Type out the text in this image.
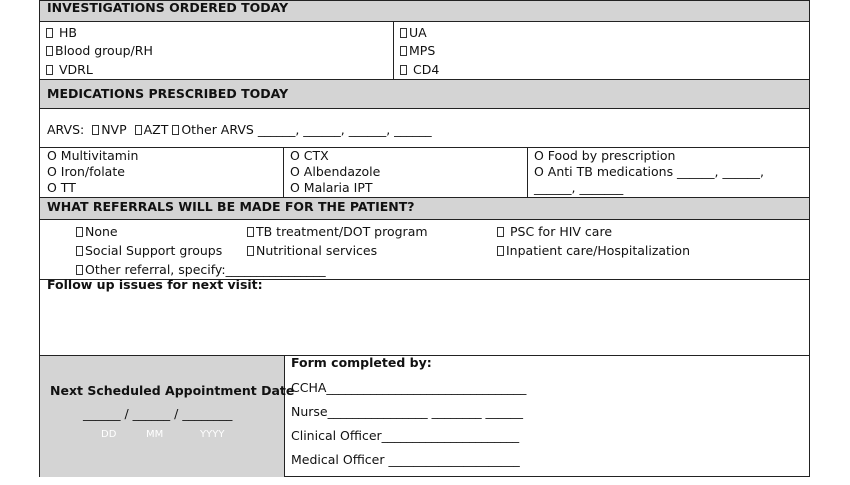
INVESTIGATIONS ORDERED TODAY
HB
Blood group/RH
VDRL
UA
MPS
CD4
MEDICATIONS PRESCRIBED TODAY
ARVS: NVP AZT Other ARVS ______, ______, ______, ______
O Multivitamin
O Iron/folate
O TT
O CTX
O Albendazole
O Malaria IPT
O Food by prescription
O Anti TB medications ______, ______,
______, _______
WHAT REFERRALS WILL BE MADE FOR THE PATIENT?
None
Social Support groups
Other referral, specify:________________
TB treatment/DOT program
Nutritional services
PSC for HIV care
Inpatient care/Hospitalization
Follow up issues for next visit:
Next Scheduled Appointment Date
______ / ______ / ________
DD	MM	YYYY
Form completed by:
CCHA________________________________
Nurse________________ ________ ______
Clinical Officer______________________
Medical Officer _____________________
